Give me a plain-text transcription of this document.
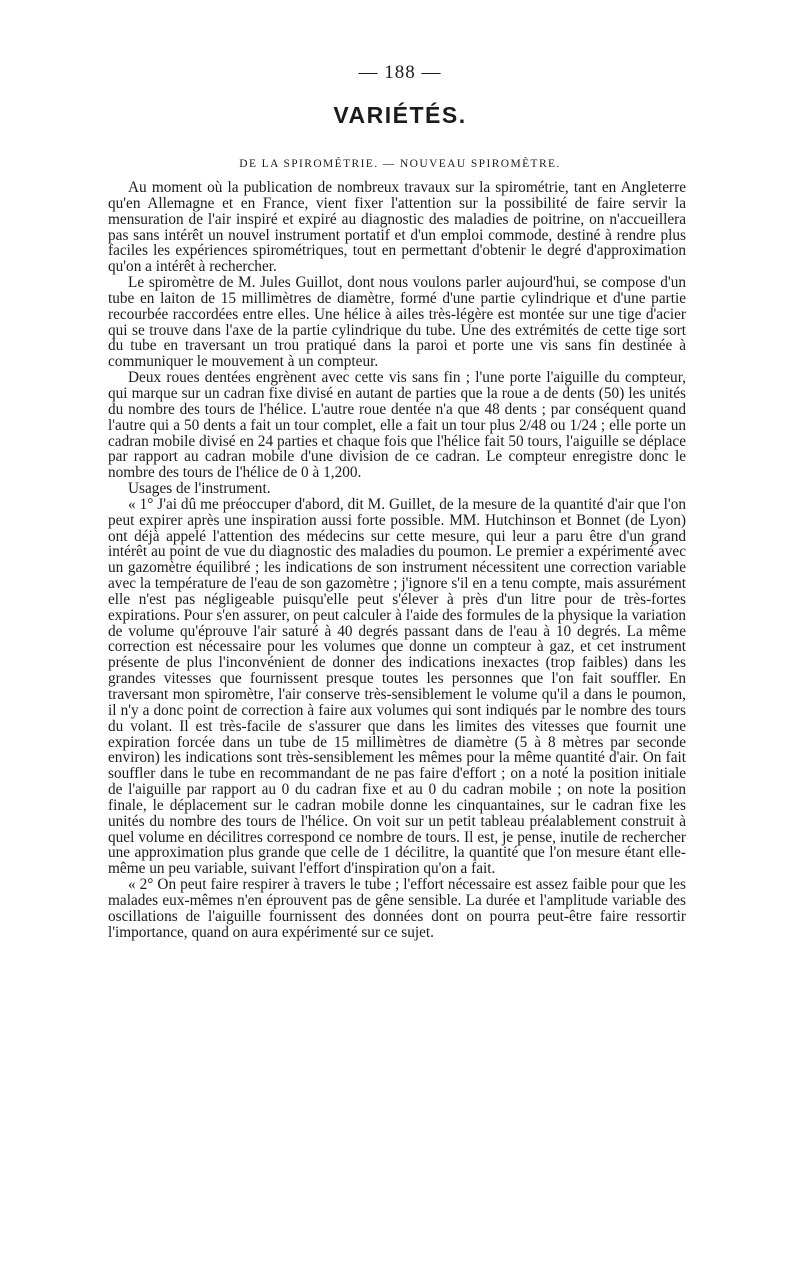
— 188 —
VARIÉTÉS.
DE LA SPIROMÉTRIE. — NOUVEAU SPIROMÈTRE.

Au moment où la publication de nombreux travaux sur la spirométrie, tant en Angleterre qu'en Allemagne et en France, vient fixer l'attention sur la possibilité de faire servir la mensuration de l'air inspiré et expiré au diagnostic des maladies de poitrine, on n'accueillera pas sans intérêt un nouvel instrument portatif et d'un emploi commode, destiné à rendre plus faciles les expériences spirométriques, tout en permettant d'obtenir le degré d'approximation qu'on a intérêt à rechercher.

Le spiromètre de M. Jules Guillot, dont nous voulons parler aujourd'hui, se compose d'un tube en laiton de 15 millimètres de diamètre, formé d'une partie cylindrique et d'une partie recourbée raccordées entre elles. Une hélice à ailes très-légère est montée sur une tige d'acier qui se trouve dans l'axe de la partie cylindrique du tube. Une des extrémités de cette tige sort du tube en traversant un trou pratiqué dans la paroi et porte une vis sans fin destinée à communiquer le mouvement à un compteur.

Deux roues dentées engrènent avec cette vis sans fin ; l'une porte l'aiguille du compteur, qui marque sur un cadran fixe divisé en autant de parties que la roue a de dents (50) les unités du nombre des tours de l'hélice. L'autre roue dentée n'a que 48 dents ; par conséquent quand l'autre qui a 50 dents a fait un tour complet, elle a fait un tour plus 2/48 ou 1/24 ; elle porte un cadran mobile divisé en 24 parties et chaque fois que l'hélice fait 50 tours, l'aiguille se déplace par rapport au cadran mobile d'une division de ce cadran. Le compteur enregistre donc le nombre des tours de l'hélice de 0 à 1,200.

Usages de l'instrument.

« 1° J'ai dû me préoccuper d'abord, dit M. Guillet, de la mesure de la quantité d'air que l'on peut expirer après une inspiration aussi forte possible. MM. Hutchinson et Bonnet (de Lyon) ont déjà appelé l'attention des médecins sur cette mesure, qui leur a paru être d'un grand intérêt au point de vue du diagnostic des maladies du poumon. Le premier a expérimenté avec un gazomètre équilibré ; les indications de son instrument nécessitent une correction variable avec la température de l'eau de son gazomètre ; j'ignore s'il en a tenu compte, mais assurément elle n'est pas négligeable puisqu'elle peut s'élever à près d'un litre pour de très-fortes expirations. Pour s'en assurer, on peut calculer à l'aide des formules de la physique la variation de volume qu'éprouve l'air saturé à 40 degrés passant dans de l'eau à 10 degrés. La même correction est nécessaire pour les volumes que donne un compteur à gaz, et cet instrument présente de plus l'inconvénient de donner des indications inexactes (trop faibles) dans les grandes vitesses que fournissent presque toutes les personnes que l'on fait souffler. En traversant mon spiromètre, l'air conserve très-sensiblement le volume qu'il a dans le poumon, il n'y a donc point de correction à faire aux volumes qui sont indiqués par le nombre des tours du volant. Il est très-facile de s'assurer que dans les limites des vitesses que fournit une expiration forcée dans un tube de 15 millimètres de diamètre (5 à 8 mètres par seconde environ) les indications sont très-sensiblement les mêmes pour la même quantité d'air. On fait souffler dans le tube en recommandant de ne pas faire d'effort ; on a noté la position initiale de l'aiguille par rapport au 0 du cadran fixe et au 0 du cadran mobile ; on note la position finale, le déplacement sur le cadran mobile donne les cinquantaines, sur le cadran fixe les unités du nombre des tours de l'hélice. On voit sur un petit tableau préalablement construit à quel volume en décilitres correspond ce nombre de tours. Il est, je pense, inutile de rechercher une approximation plus grande que celle de 1 décilitre, la quantité que l'on mesure étant elle-même un peu variable, suivant l'effort d'inspiration qu'on a fait.

« 2° On peut faire respirer à travers le tube ; l'effort nécessaire est assez faible pour que les malades eux-mêmes n'en éprouvent pas de gêne sensible. La durée et l'amplitude variable des oscillations de l'aiguille fournissent des données dont on pourra peut-être faire ressortir l'importance, quand on aura expérimenté sur ce sujet.
